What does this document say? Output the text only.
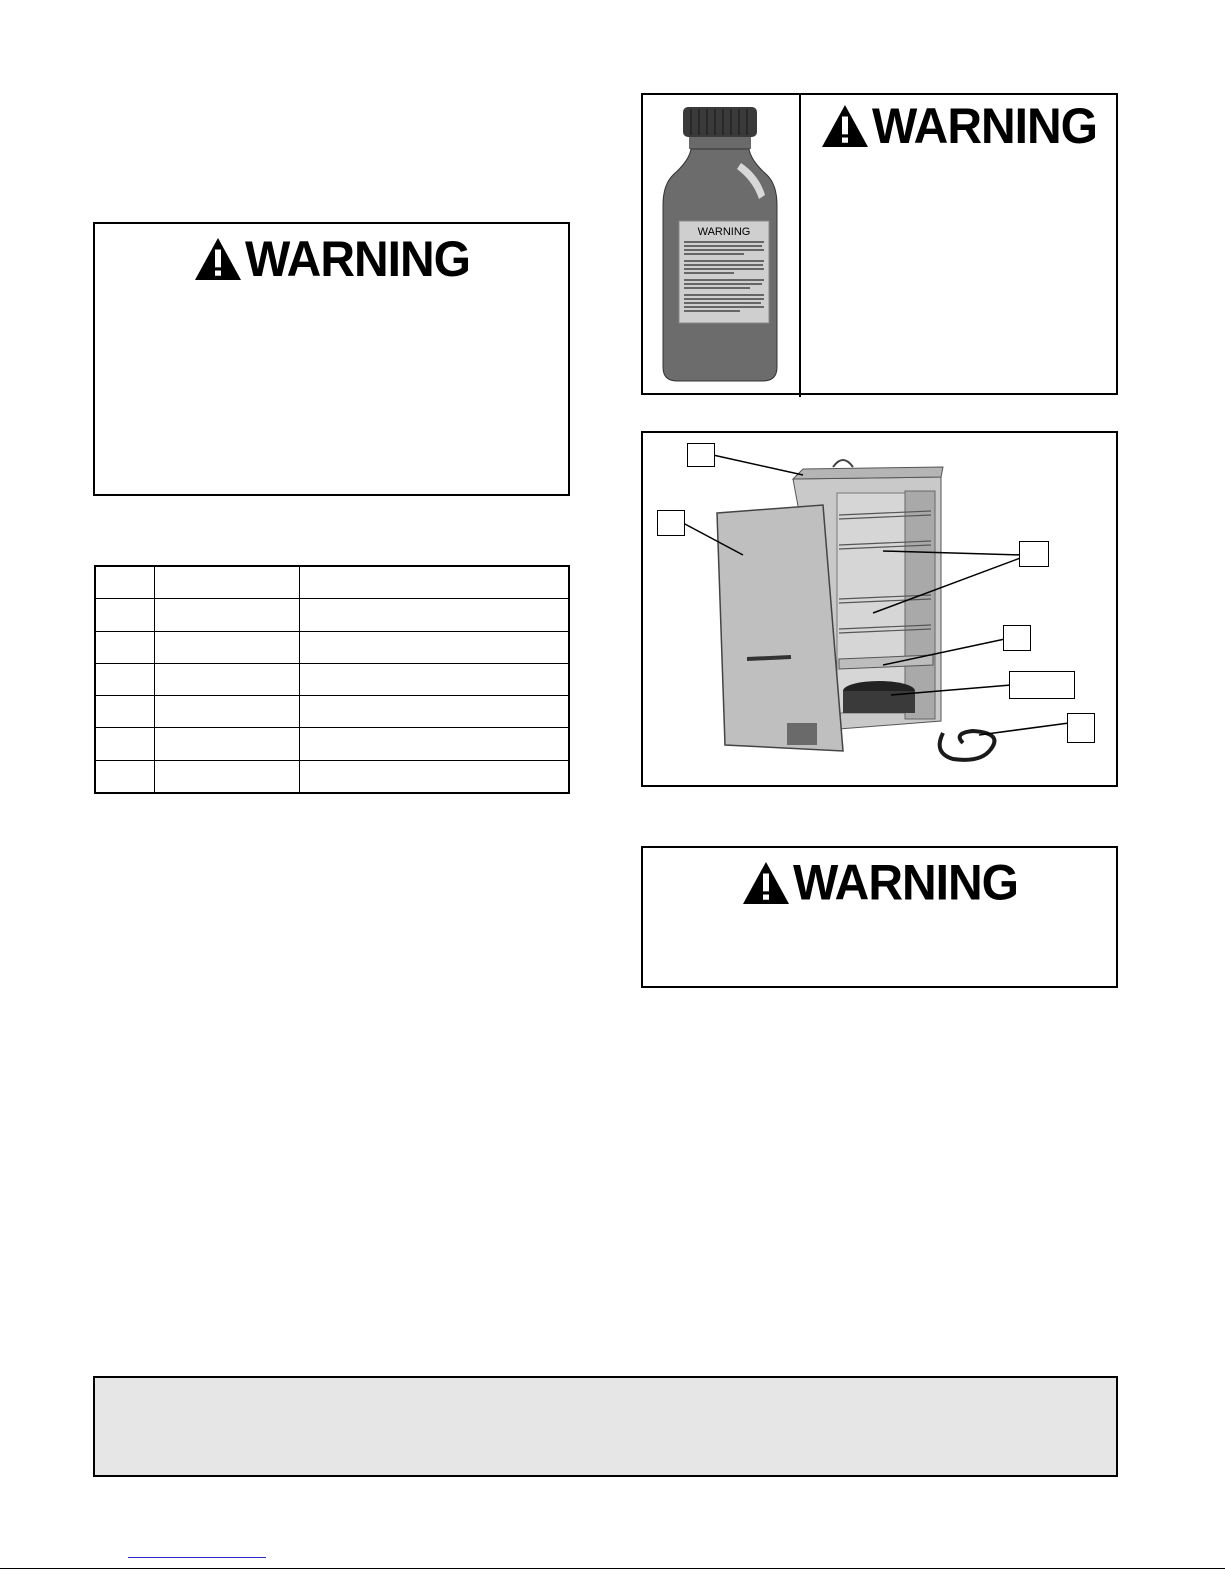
WARNING

			WARNING
WARNING
WARNING
